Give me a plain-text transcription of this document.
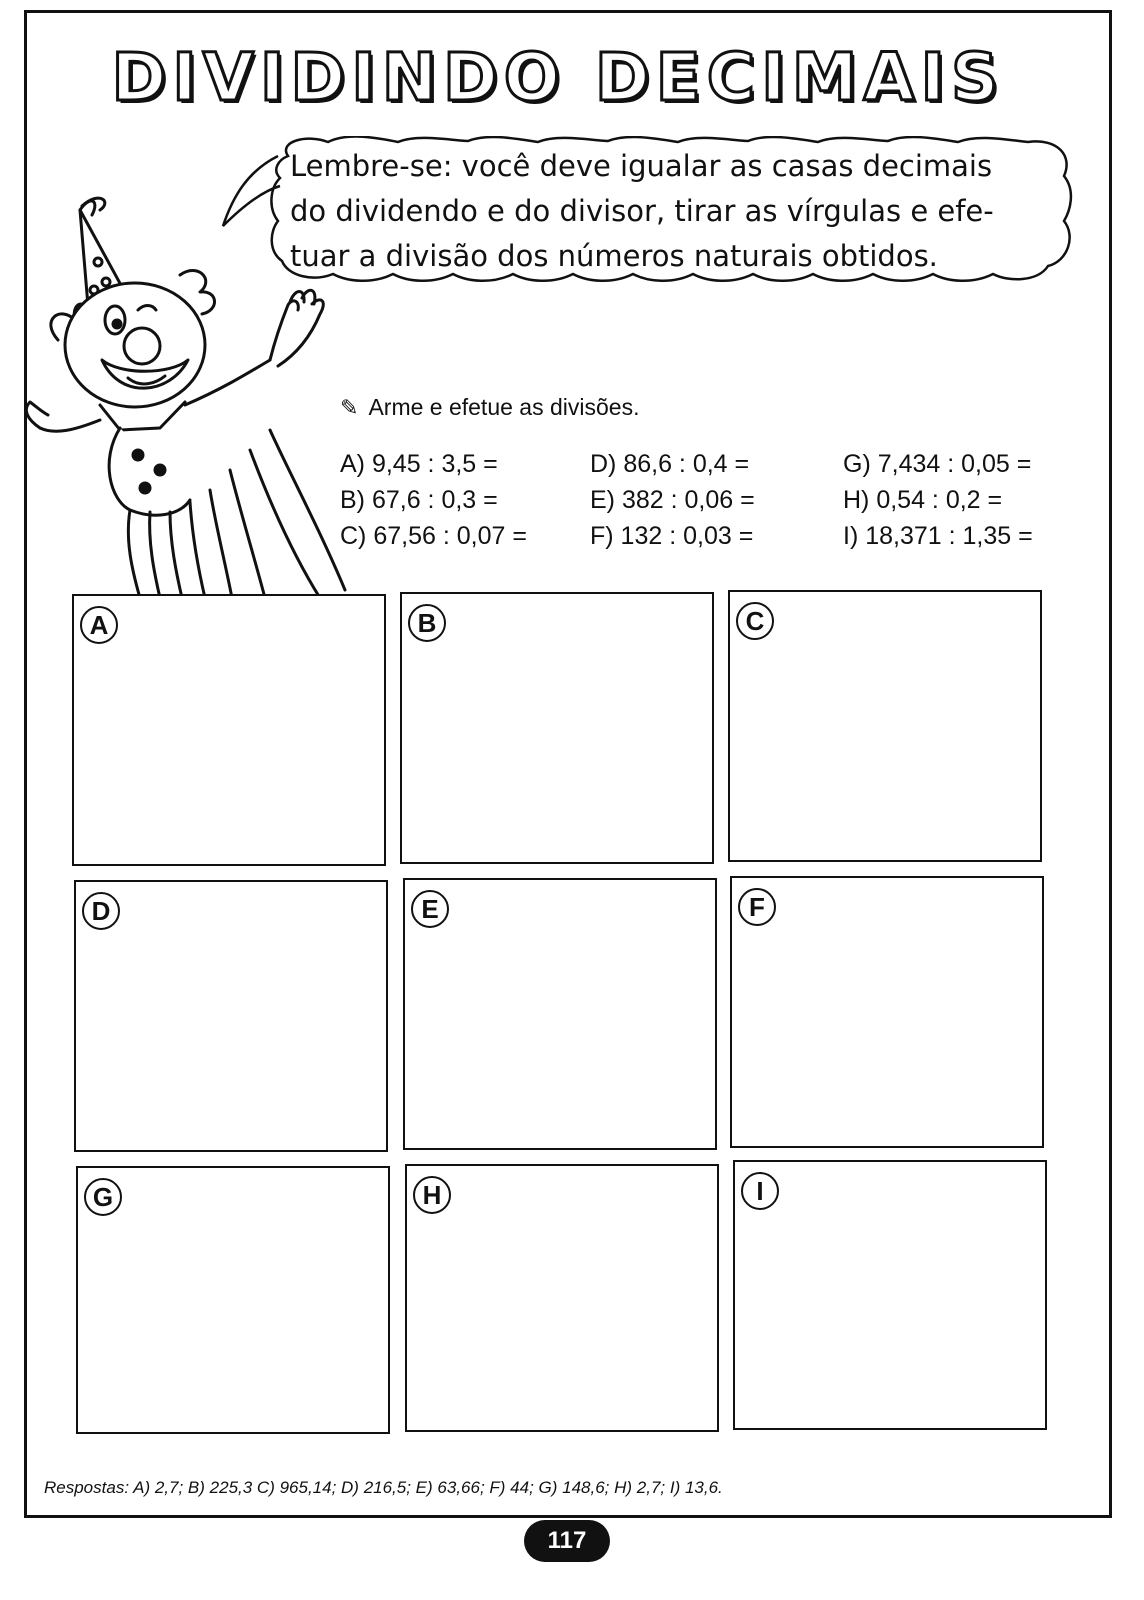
DIVIDINDO DECIMAIS
Lembre-se: você deve igualar as casas decimais
do dividendo e do divisor, tirar as vírgulas e efe-
tuar a divisão dos números naturais obtidos.
✎ Arme e efetue as divisões.
A) 9,45 : 3,5 =
B) 67,6 : 0,3 =
C) 67,56 : 0,07 =
D) 86,6 : 0,4 =
E) 382 : 0,06 =
F) 132 : 0,03 =
G) 7,434 : 0,05 =
H) 0,54 : 0,2 =
I) 18,371 : 1,35 =
A	B	C
D	E	F
G	H	I
Respostas: A) 2,7; B) 225,3 C) 965,14; D) 216,5; E) 63,66; F) 44; G) 148,6; H) 2,7; I) 13,6.
117
